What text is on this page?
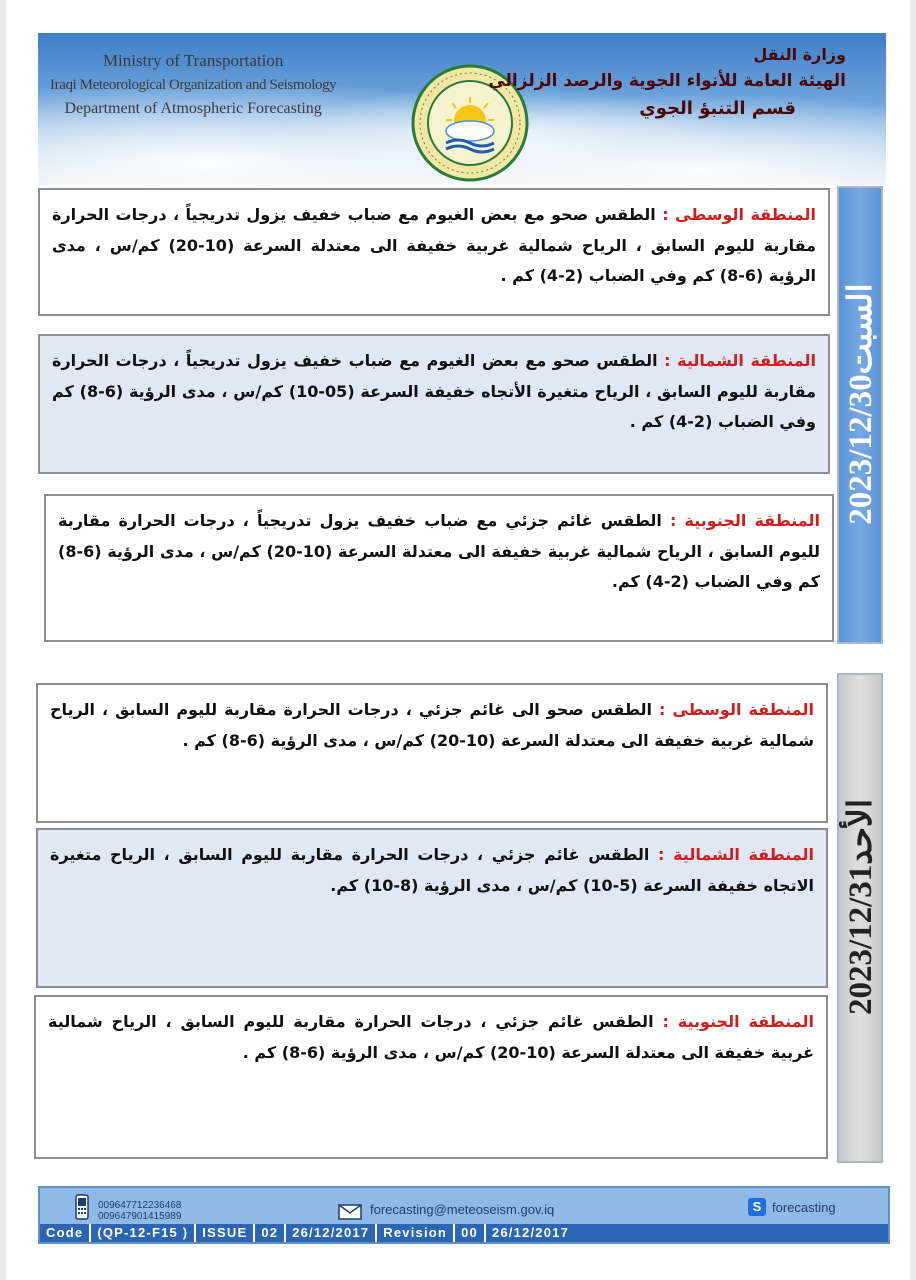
Ministry of Transportation
Iraqi Meteorological Organization and Seismology
Department of Atmospheric Forecasting
وزارة النقل
الهيئة العامة للأنواء الجوية والرصد الزلزالي
قسم التنبؤ الجوي
السبت2023/12/30
المنطقة الوسطى : الطقس صحو مع بعض الغيوم مع ضباب خفيف يزول تدريجياً ، درجات الحرارة مقاربة لليوم السابق ، الرياح شمالية غربية خفيفة الى معتدلة السرعة (10-20) كم/س ، مدى الرؤية (6-8) كم وفي الضباب (2-4) كم .
المنطقة الشمالية : الطقس صحو مع بعض الغيوم مع ضباب خفيف يزول تدريجياً ، درجات الحرارة مقاربة لليوم السابق ، الرياح متغيرة الأتجاه خفيفة السرعة (05-10) كم/س ، مدى الرؤية (6-8) كم وفي الضباب (2-4) كم .
المنطقة الجنوبية : الطقس غائم جزئي مع ضباب خفيف يزول تدريجياً ، درجات الحرارة مقاربة لليوم السابق ، الرياح شمالية غربية خفيفة الى معتدلة السرعة (10-20) كم/س ، مدى الرؤية (6-8) كم وفي الضباب (2-4) كم.
الأحد2023/12/31
المنطقة الوسطى : الطقس صحو الى غائم جزئي ، درجات الحرارة مقاربة لليوم السابق ، الرياح شمالية غربية خفيفة الى معتدلة السرعة (10-20) كم/س ، مدى الرؤية (6-8) كم .
المنطقة الشمالية : الطقس غائم جزئي ، درجات الحرارة مقاربة لليوم السابق ، الرياح متغيرة الاتجاه خفيفة السرعة (5-10) كم/س ، مدى الرؤية (8-10) كم.
المنطقة الجنوبية : الطقس غائم جزئي ، درجات الحرارة مقاربة لليوم السابق ، الرياح شمالية غربية خفيفة الى معتدلة السرعة (10-20) كم/س ، مدى الرؤية (6-8) كم .
009647712236468
009647901415989	forecasting@meteoseism.gov.iq	S forecasting
Code	(QP-12-F15 )	ISSUE	02	26/12/2017	Revision	00	26/12/2017
